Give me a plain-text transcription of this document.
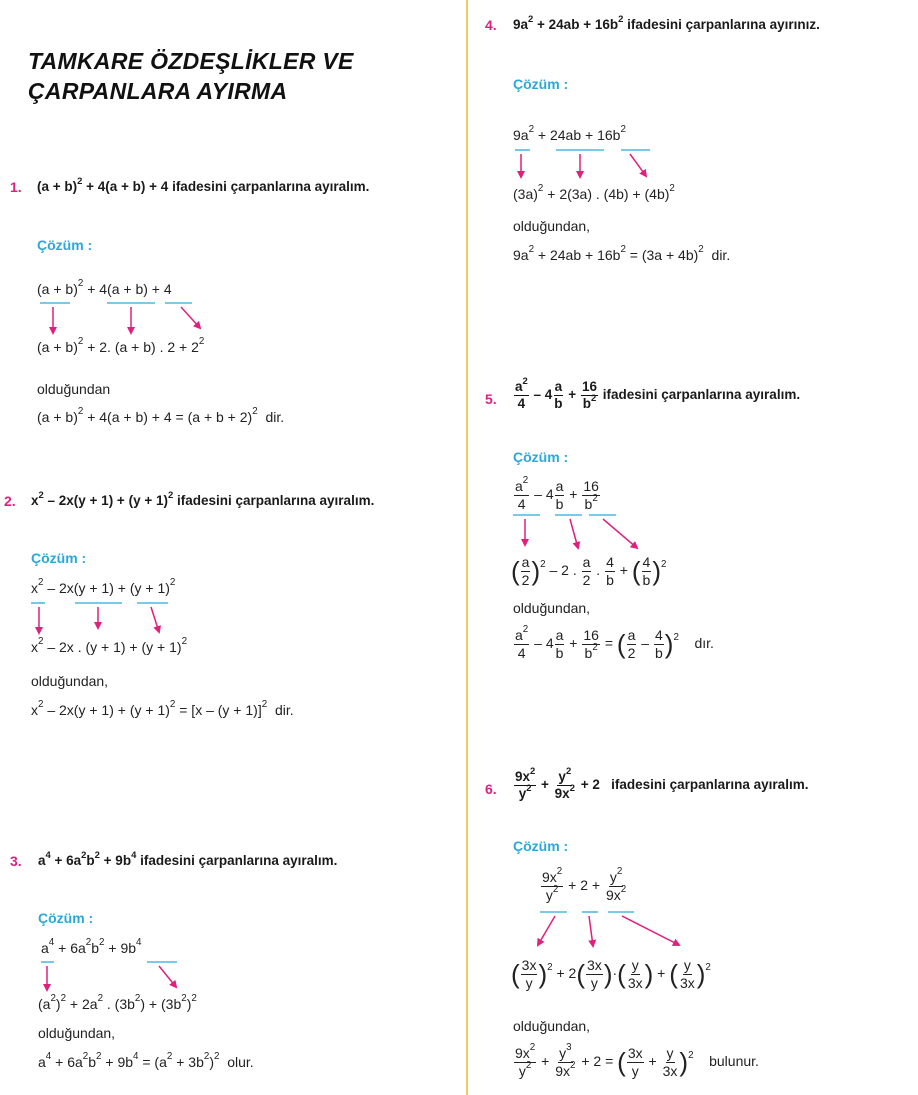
TAMKARE ÖZDEŞLİKLER VE
ÇARPANLARA AYIRMA
1. $(a + b)^2 + 4(a + b) + 4$ ifadesini çarpanlarına ayıralım.
Çözüm :
$(a + b)^2 + 4(a + b) + 4$
$(a + b)^2 + 2$. (a + b) . $2 + 2^2$
olduğundan
$(a + b)^2 + 4(a + b) + 4 = (a + b + 2)^2$ dir.
2. $x^2 - 2x(y + 1) + (y + 1)^2$ ifadesini çarpanlarına ayıralım.
Çözüm :
$x^2 - 2x(y + 1) + (y + 1)^2$
$x^2 - 2x$ . $(y + 1) + (y + 1)^2$
olduğundan,
$x^2 - 2x(y + 1) + (y + 1)^2 = [x - (y + 1)]^2$ dir.
3. $a^4 + 6a^2b^2 + 9b^4$ ifadesini çarpanlarına ayıralım.
Çözüm :
$a^4 + 6a^2b^2 + 9b^4$
$(a^2)^2 + 2a^2$ . $(3b^2) + (3b^2)^2$
olduğundan,
$a^4 + 6a^2b^2 + 9b^4 = (a^2 + 3b^2)^2$ olur.
4. $9a^2 + 24ab + 16b^2$ ifadesini çarpanlarına ayırınız.
Çözüm :
$9a^2 + 24ab + 16b^2$
$(3a)^2 + 2(3a)$ . $(4b) + (4b)^2$
olduğundan,
$9a^2 + 24ab + 16b^2 = (3a + 4b)^2$ dir.
5. $\frac{a^2}{4} - 4 \frac{a}{b} + \frac{16}{b^2}$ ifadesini çarpanlarına ayıralım.
Çözüm :
$\frac{a^2}{4} - 4 \frac{a}{b} + \frac{16}{b^2}$
( $\frac{a}{2} )^2 - 2$ . $\frac{a}{2}$ . $\frac{4}{b}$ + ( $\frac{4}{b} )^2$
olduğundan,
$\frac{a^2}{4} - 4 \frac{a}{b} + \frac{16}{b^2}$ = ( $\frac{a}{2} - \frac{4}{b} )^2$ dır.
6. $\frac{9x^2}{y^2} + \frac{y^2}{9x^2} + 2$   ifadesini çarpanlarına ayıralım.
Çözüm :
$\frac{9x^2}{y^2} + 2 + \frac{y^2}{9x^2}$
( $\frac{3x}{y} )^2 + 2( \frac{3x}{y}$ )·( $\frac{y}{3x}$ ) + ( $\frac{y}{3x} )^2$
olduğundan,
$\frac{9x^2}{y^2} + \frac{y^3}{9x^2} + 2$ = ( $\frac{3x}{y} + \frac{y}{3x} )^2$ bulunur.
